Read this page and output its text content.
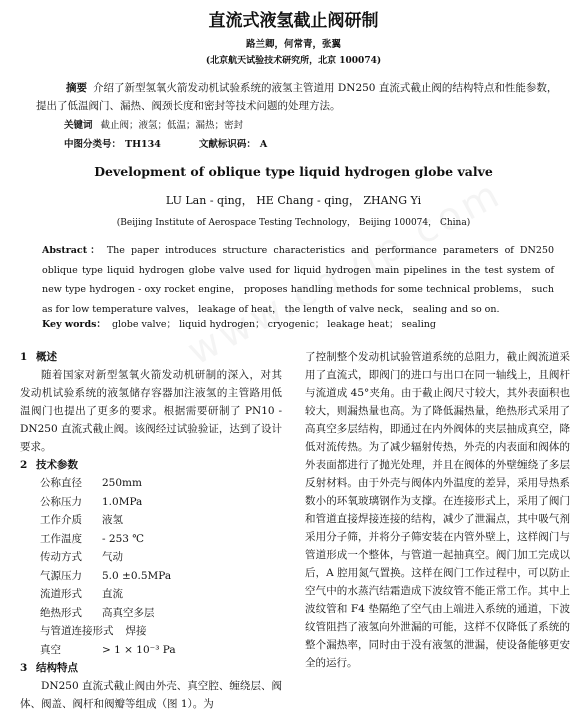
直流式液氢截止阀研制
路兰卿，何常青，张翼
(北京航天试验技术研究所，北京 100074)
摘要 介绍了新型氢氧火箭发动机试验系统的液氢主管道用 DN250 直流式截止阀的结构特点和性能参数，提出了低温阀门、漏热、阀颈长度和密封等技术问题的处理方法。
关键词 截止阀；液氢；低温；漏热；密封
中图分类号： TH134	文献标识码： A
Development of oblique type liquid hydrogen globe valve
LU Lan - qing， HE Chang - qing， ZHANG Yi
(Beijing Institute of Aerospace Testing Technology， Beijing 100074， China)
Abstract： The paper introduces structure characteristics and performance parameters of DN250 oblique type liquid hydrogen globe valve used for liquid hydrogen main pipelines in the test system of new type hydrogen - oxy rocket engine， proposes handling methods for some technical problems， such as for low temperature valves， leakage of heat， the length of valve neck， sealing and so on.
Key words： globe valve； liquid hydrogen； cryogenic； leakage heat； sealing
1 概述
随着国家对新型氢氧火箭发动机研制的深入，对其发动机试验系统的液氢储存容器加注液氢的主管路用低温阀门也提出了更多的要求。根据需要研制了 PN10 - DN250 直流式截止阀。该阀经过试验验证，达到了设计要求。
2 技术参数
公称直径 250mm
公称压力 1.0MPa
工作介质 液氢
工作温度 - 253 ℃
传动方式 气动
气源压力 5.0 ±0.5MPa
流道形式 直流
绝热形式 高真空多层
与管道连接形式 焊接
真空	> 1 × 10⁻³ Pa
3 结构特点
DN250 直流式截止阀由外壳、真空腔、缠绕层、阀体、阀盖、阀杆和阀瓣等组成（图 1）。为
了控制整个发动机试验管道系统的总阻力，截止阀流道采用了直流式，即阀门的进口与出口在同一轴线上，且阀杆与流道成 45°夹角。由于截止阀尺寸较大，其外表面积也较大，则漏热量也高。为了降低漏热量，绝热形式采用了高真空多层结构，即通过在内外阀体的夹层抽成真空，降低对流传热。为了减少辐射传热，外壳的内表面和阀体的外表面都进行了抛光处理，并且在阀体的外壁缠绕了多层反射材料。由于外壳与阀体内外温度的差异，采用导热系数小的环氧玻璃钢作为支撑。在连接形式上，采用了阀门和管道直接焊接连接的结构，减少了泄漏点，其中吸气剂采用分子筛，并将分子筛安装在内管外壁上，这样阀门与管道形成一个整体，与管道一起抽真空。阀门加工完成以后，A 腔用氮气置换。这样在阀门工作过程中，可以防止空气中的水蒸汽结霜造成下波纹管不能正常工作。其中上波纹管和 F4 垫隔绝了空气由上端进入系统的通道，下波纹管阻挡了液氢向外泄漏的可能，这样不仅降低了系统的整个漏热率，同时由于没有液氢的泄漏，使设备能够更安全的运行。
